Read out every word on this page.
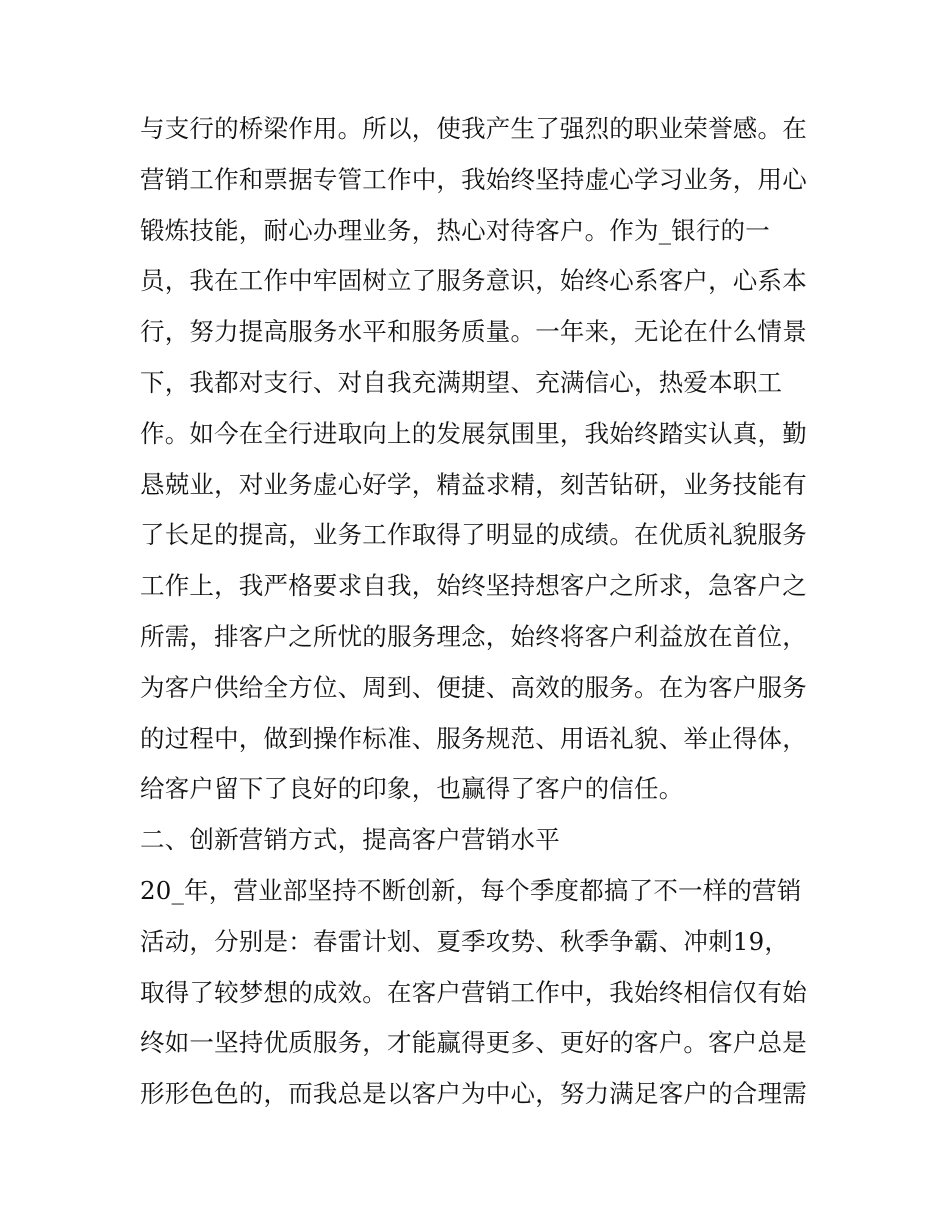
与支行的桥梁作用。所以，使我产生了强烈的职业荣誉感。在
营销工作和票据专管工作中，我始终坚持虚心学习业务，用心
锻炼技能，耐心办理业务，热心对待客户。作为_银行的一
员，我在工作中牢固树立了服务意识，始终心系客户，心系本
行，努力提高服务水平和服务质量。一年来，无论在什么情景
下，我都对支行、对自我充满期望、充满信心，热爱本职工
作。如今在全行进取向上的发展氛围里，我始终踏实认真，勤
恳兢业，对业务虚心好学，精益求精，刻苦钻研，业务技能有
了长足的提高，业务工作取得了明显的成绩。在优质礼貌服务
工作上，我严格要求自我，始终坚持想客户之所求，急客户之
所需，排客户之所忧的服务理念，始终将客户利益放在首位，
为客户供给全方位、周到、便捷、高效的服务。在为客户服务
的过程中，做到操作标准、服务规范、用语礼貌、举止得体，
给客户留下了良好的印象，也赢得了客户的信任。
二、创新营销方式，提高客户营销水平
20_年，营业部坚持不断创新，每个季度都搞了不一样的营销
活动，分别是：春雷计划、夏季攻势、秋季争霸、冲刺19，
取得了较梦想的成效。在客户营销工作中，我始终相信仅有始
终如一坚持优质服务，才能赢得更多、更好的客户。客户总是
形形色色的，而我总是以客户为中心，努力满足客户的合理需
